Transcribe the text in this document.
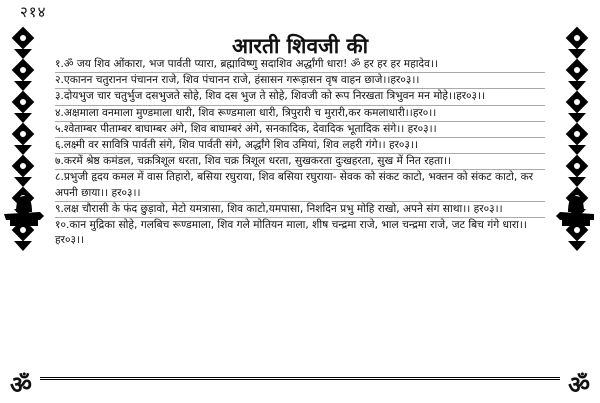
२१४
आरती शिवजी की
ॐ	ॐ

१.ॐ जय शिव ओंकारा, भज पार्वती प्यारा, ब्रह्माविष्णु सदाशिव अर्द्धांगी धारा! ॐ हर हर हर महादेव।।

२.एकानन चतुरानन पंचानन राजे, शिव पंचानन राजे, हंसासन गरूड़ासन वृष वाहन छाजे।।हर०३।।

३.दोयभुज चार चतुर्भुज दसभुजते सोहे, शिव दस भुज ते सोहे, शिवजी को रूप निरखता त्रिभुवन मन मोहे।।हर०३।।

४.अक्षमाला वनमाला मुण्डमाला धारी, शिव रूण्डमाला धारी, त्रिपुरारी च मुरारी,कर कमलाधारी।।हर०।।

५.श्वेताम्बर पीताम्बर बाघाम्बर अंगे, शिव बाघाम्बरं अंगे, सनकादिक, देवादिक भूतादिक संगे।। हर०३।।

६.लक्ष्मी वर सावित्रि पार्वती संगे, शिव पार्वती संगे, अर्द्धांगे शिव उमियां, शिव लहरी गंगे।। हर०३।।

७.करमें श्रेष्ठ कमंडल, चक्रत्रिशूल धरता, शिव चक्र त्रिशूल धरता, सुखकरता दुःखहरता, सुख में नित रहता।।

८.प्रभुजी हृदय कमल में वास तिहारो, बसिया रघुराया, शिव बसिया रघुराया- सेवक को संकट काटो, भक्तन को संकट काटो, कर अपनी छाया।। हर०३।।

९.लक्ष चौरासी के फंद छुड़ावो, मेटो यमत्रासा, शिव काटो,यमपासा, निशदिन प्रभु मोहि राखो, अपने संग साथा।। हर०३।।

१०.कान मुद्रिका सोहे, गलबिच रूण्डमाला, शिव गले मोतियन माला, शीष चन्द्रमा राजे, भाल चन्द्रमा राजे, जट बिच गंगे धारा।।हर०३।।
